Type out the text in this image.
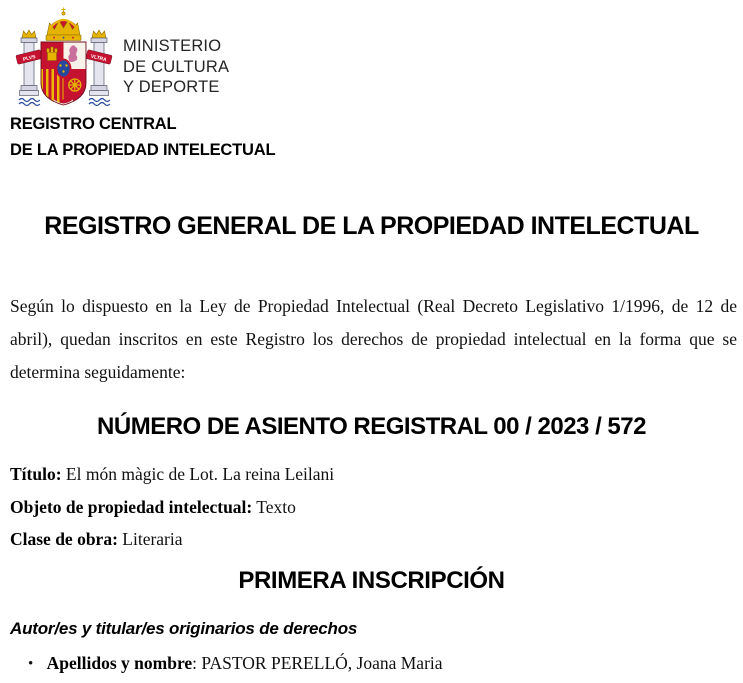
PLVS	VLTRA
MINISTERIO
DE CULTURA
Y DEPORTE
REGISTRO CENTRAL
DE LA PROPIEDAD INTELECTUAL
REGISTRO GENERAL DE LA PROPIEDAD INTELECTUAL

Según lo dispuesto en la Ley de Propiedad Intelectual (Real Decreto Legislativo 1/1996, de 12 de abril), quedan inscritos en este Registro los derechos de propiedad intelectual en la forma que se determina seguidamente:

NÚMERO DE ASIENTO REGISTRAL 00 / 2023 / 572
Título: El món màgic de Lot. La reina Leilani
Objeto de propiedad intelectual: Texto
Clase de obra: Literaria
PRIMERA INSCRIPCIÓN
Autor/es y titular/es originarios de derechos
• Apellidos y nombre: PASTOR PERELLÓ, Joana Maria
